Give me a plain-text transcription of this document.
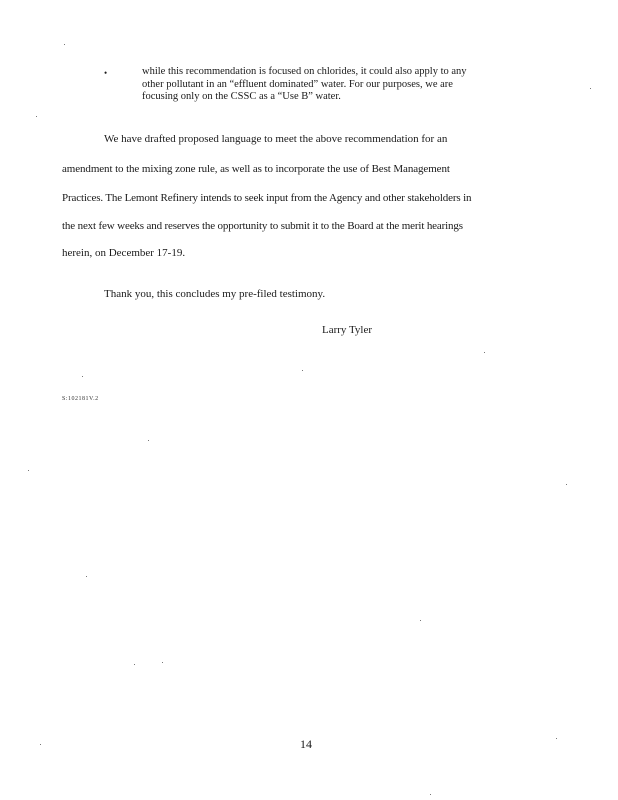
•	while this recommendation is focused on chlorides, it could also apply to any
other pollutant in an “effluent dominated” water. For our purposes, we are
focusing only on the CSSC as a “Use B” water.
We have drafted proposed language to meet the above recommendation for an
amendment to the mixing zone rule, as well as to incorporate the use of Best Management
Practices. The Lemont Refinery intends to seek input from the Agency and other stakeholders in
the next few weeks and reserves the opportunity to submit it to the Board at the merit hearings
herein, on December 17-19.
Thank you, this concludes my pre-filed testimony.
Larry Tyler
S:102181V.2
14
